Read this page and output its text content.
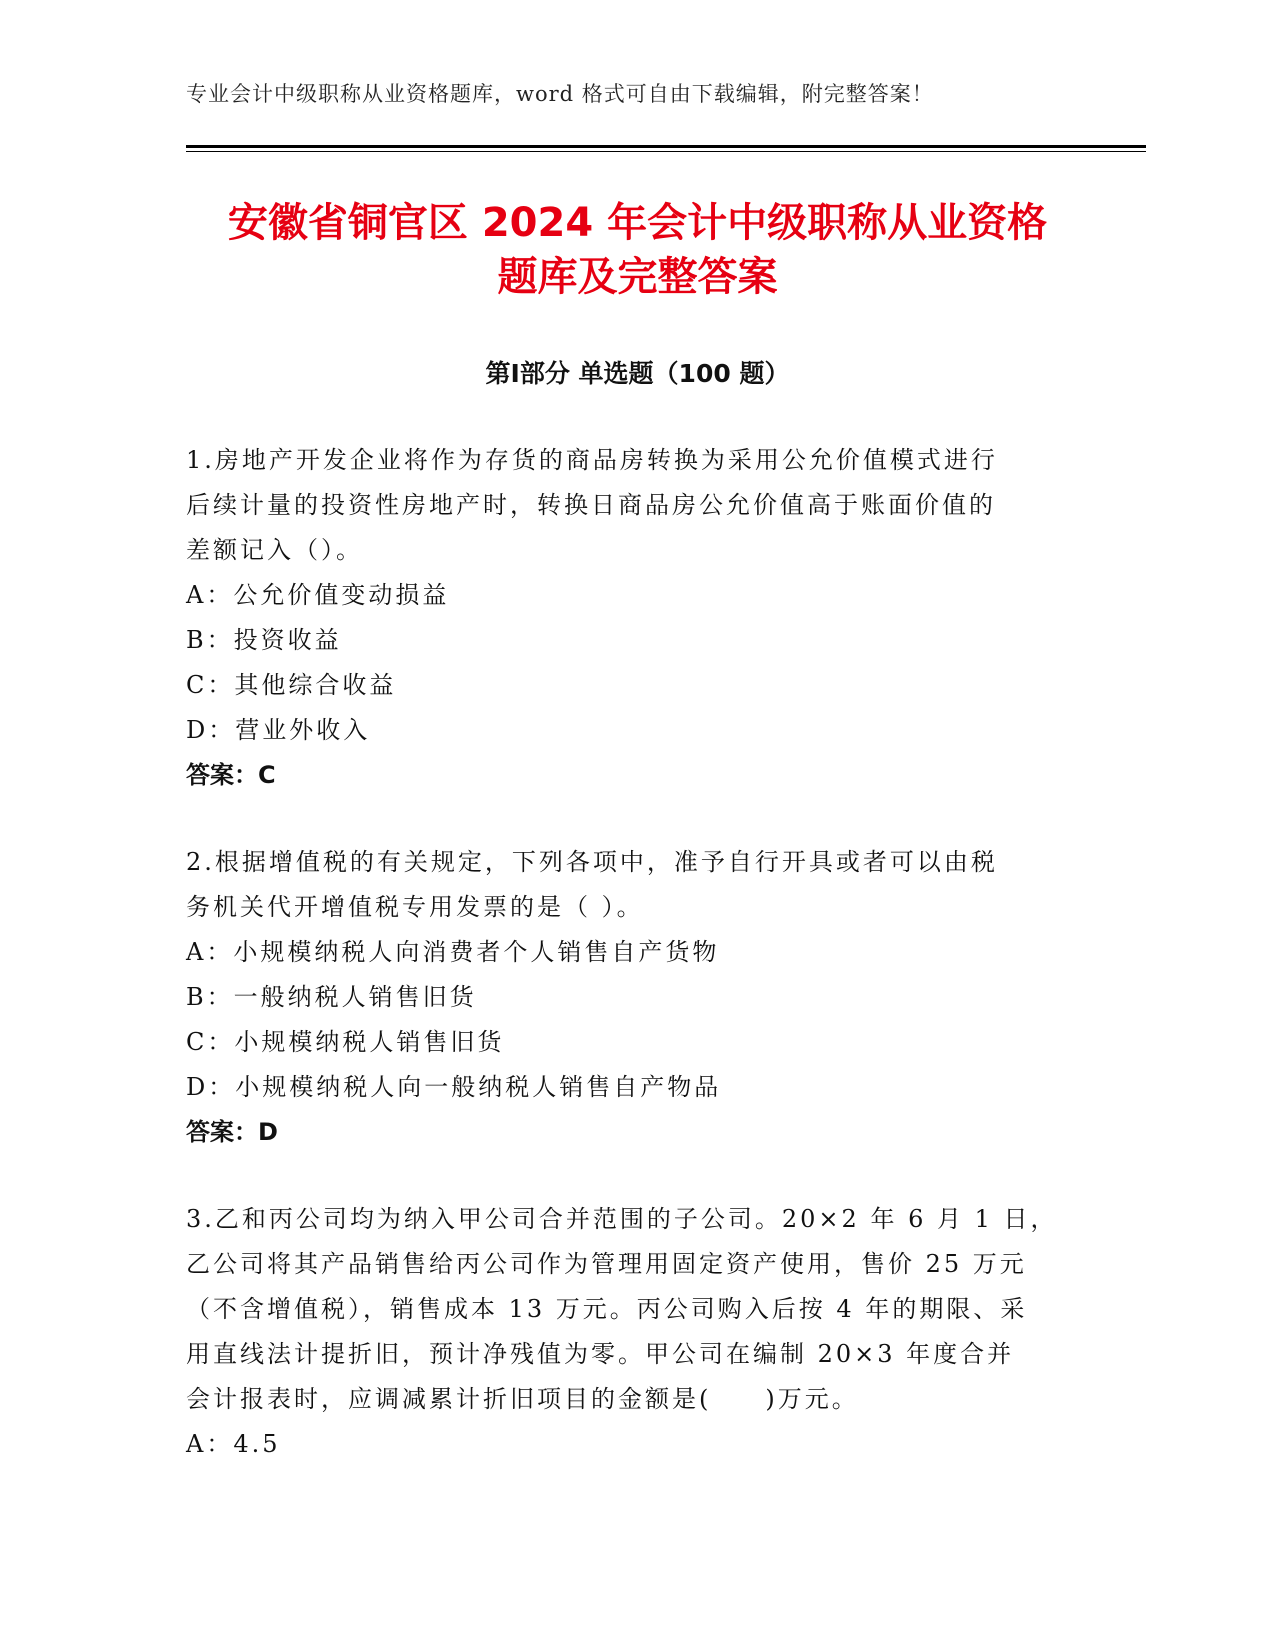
专业会计中级职称从业资格题库，word 格式可自由下载编辑，附完整答案！
安徽省铜官区 2024 年会计中级职称从业资格
题库及完整答案
第Ⅰ部分 单选题（100 题）
1.房地产开发企业将作为存货的商品房转换为采用公允价值模式进行
后续计量的投资性房地产时，转换日商品房公允价值高于账面价值的
差额记入（）。
A：公允价值变动损益
B：投资收益
C：其他综合收益
D：营业外收入
答案：C
2.根据增值税的有关规定，下列各项中，准予自行开具或者可以由税
务机关代开增值税专用发票的是（ ）。
A：小规模纳税人向消费者个人销售自产货物
B：一般纳税人销售旧货
C：小规模纳税人销售旧货
D：小规模纳税人向一般纳税人销售自产物品
答案：D
3.乙和丙公司均为纳入甲公司合并范围的子公司。20×2 年 6 月 1 日，
乙公司将其产品销售给丙公司作为管理用固定资产使用，售价 25 万元
（不含增值税），销售成本 13 万元。丙公司购入后按 4 年的期限、采
用直线法计提折旧，预计净残值为零。甲公司在编制 20×3 年度合并
会计报表时，应调减累计折旧项目的金额是(　　)万元。
A：4.5
